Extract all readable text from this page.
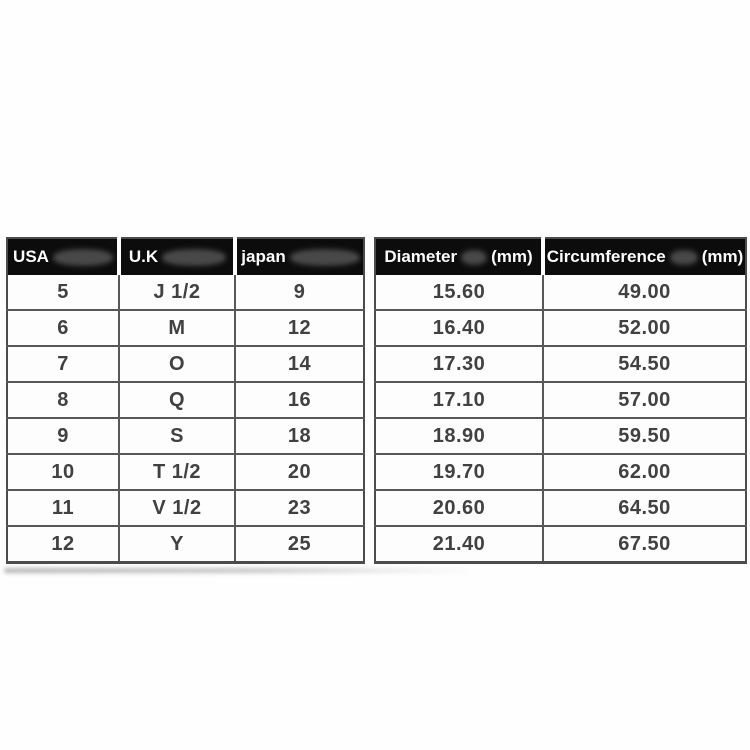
USA	U.K	japan

5	J 1/2	9
6	M	12
7	O	14
8	Q	16
9	S	18
10	T 1/2	20
11	V 1/2	23
12	Y	25
Diameter (mm)	Circumference (mm)

15.60	49.00
16.40	52.00
17.30	54.50
17.10	57.00
18.90	59.50
19.70	62.00
20.60	64.50
21.40	67.50
